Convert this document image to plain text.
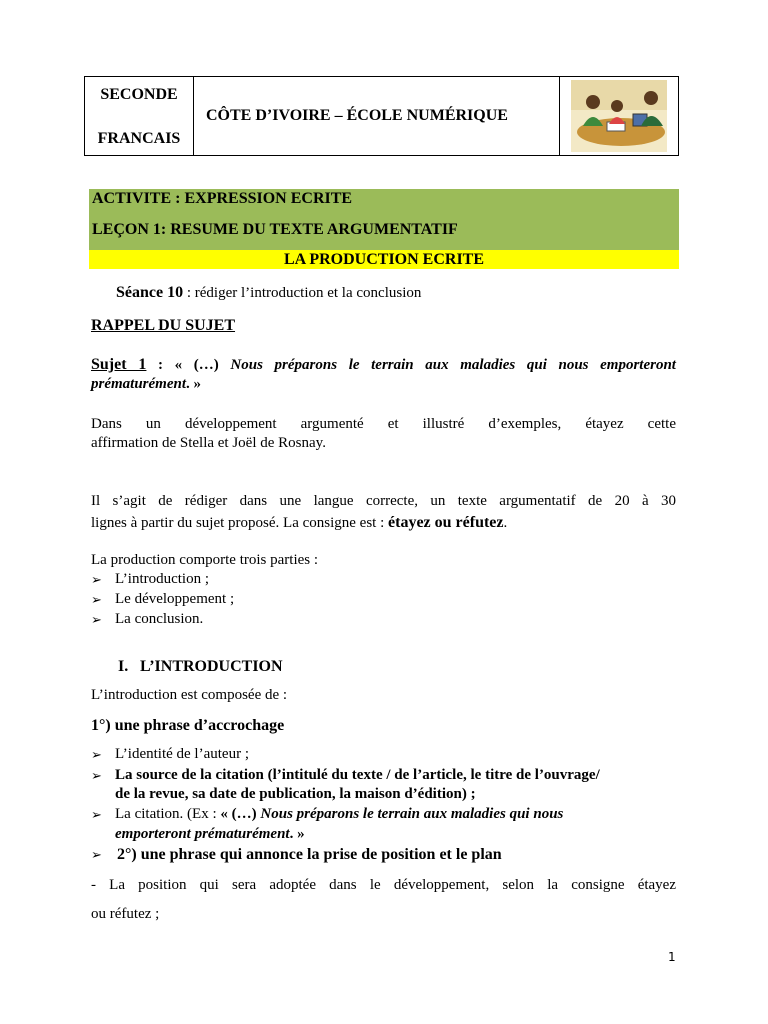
SECONDE
FRANCAIS
CÔTE D’IVOIRE – ÉCOLE NUMÉRIQUE
ACTIVITE : EXPRESSION ECRITE
LEÇON 1: RESUME DU TEXTE ARGUMENTATIF
LA PRODUCTION ECRITE
Séance 10 : rédiger l’introduction et la conclusion
RAPPEL DU SUJET
Sujet 1 : « (…) Nous préparons le terrain aux maladies qui nous emporteront
prématurément. »
Dans un développement argumenté et illustré d’exemples, étayez cette
affirmation de Stella et Joël de Rosnay.
Il s’agit de rédiger dans une langue correcte, un texte argumentatif de 20 à 30
lignes à partir du sujet proposé. La consigne est : étayez ou réfutez.
La production comporte trois parties :
➢ L’introduction ;
➢ Le développement ;
➢ La conclusion.
I. L’INTRODUCTION
L’introduction est composée de :
1°) une phrase d’accrochage
➢ L’identité de l’auteur ;
➢ La source de la citation (l’intitulé du texte / de l’article, le titre de l’ouvrage/
de la revue, sa date de publication, la maison d’édition) ;
➢ La citation. (Ex : « (…) Nous préparons le terrain aux maladies qui nous
emporteront prématurément. »
➢ 2°) une phrase qui annonce la prise de position et le plan
- La position qui sera adoptée dans le développement, selon la consigne étayez
ou réfutez ;
1
